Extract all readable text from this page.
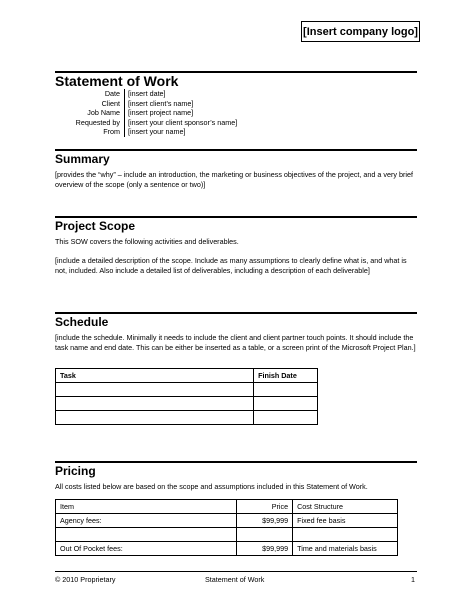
[Insert company logo]
Statement of Work
Date	[insert date]
Client	[insert client’s name]
Job Name	[insert project name]
Requested by	[insert your client sponsor’s name]
From	[insert your name]
Summary
[provides the “why” – include an introduction, the marketing or business objectives of the project, and a very brief overview of the scope (only a sentence or two)]
Project Scope
This SOW covers the following activities and deliverables.
[include a detailed description of the scope. Include as many assumptions to clearly define what is, and what is not, included. Also include a detailed list of deliverables, including a description of each deliverable]
Schedule
[include the schedule. Minimally it needs to include the client and client partner touch points. It should include the task name and end date. This can be either be inserted as a table, or a screen print of the Microsoft Project Plan.]
Task	Finish Date

Pricing
All costs listed below are based on the scope and assumptions included in this Statement of Work.
Item	Price	Cost Structure
Agency fees:	$99,999	Fixed fee basis

Out Of Pocket fees:	$99,999	Time and materials basis
© 2010 Proprietary	Statement of Work	1
